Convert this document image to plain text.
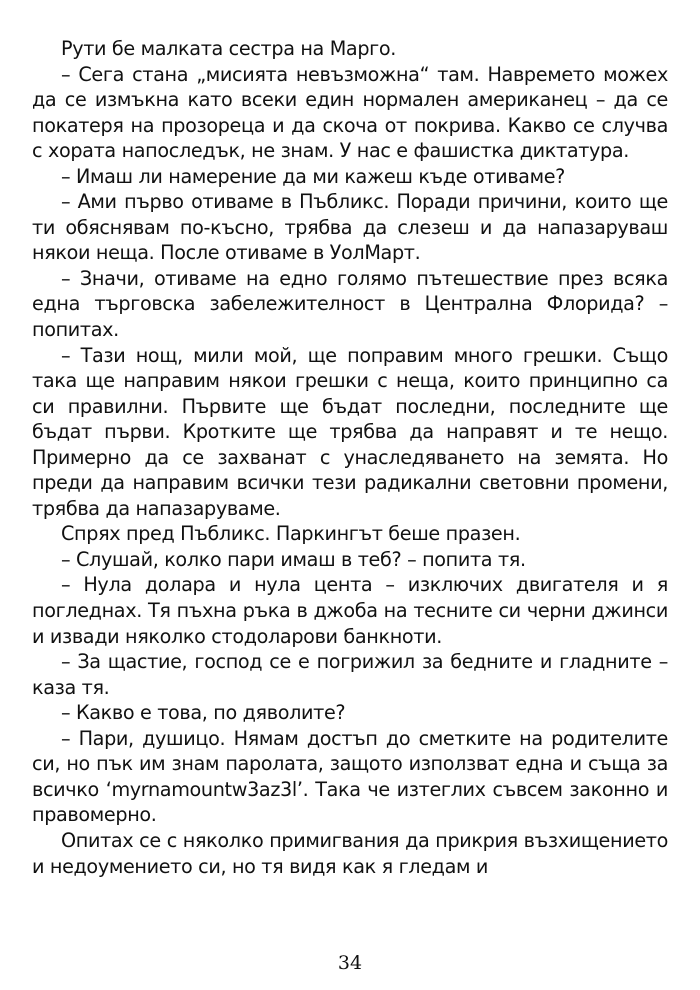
Рути бе малката сестра на Марго.

– Сега стана „мисията невъзможна“ там. Навремето можех да се измъкна като всеки един нормален американец – да се покатеря на прозореца и да скоча от покрива. Какво се случва с хората напоследък, не знам. У нас е фашистка диктатура.

– Имаш ли намерение да ми кажеш къде отиваме?

– Ами първо отиваме в Пъбликс. Поради причини, които ще ти обяснявам по-късно, трябва да слезеш и да напазаруваш някои неща. После отиваме в УолМарт.

– Значи, отиваме на едно голямо пътешествие през всяка една търговска забележителност в Централна Флорида? – попитах.

– Тази нощ, мили мой, ще поправим много грешки. Също така ще направим някои грешки с неща, които принципно са си правилни. Първите ще бъдат последни, последните ще бъдат първи. Кротките ще трябва да направят и те нещо. Примерно да се захванат с унаследяването на земята. Но преди да направим всички тези радикални световни промени, трябва да напазаруваме.

Спрях пред Пъбликс. Паркингът беше празен.

– Слушай, колко пари имаш в теб? – попита тя.

– Нула долара и нула цента – изключих двигателя и я погледнах. Тя пъхна ръка в джоба на тесните си черни джинси и извади няколко стодоларови банкноти.

– За щастие, господ се е погрижил за бедните и гладните – каза тя.

– Какво е това, по дяволите?

– Пари, душицо. Нямам достъп до сметките на родителите си, но пък им знам паролата, защото използват една и съща за всичко ‘myrnamountw3az3l’. Така че изтеглих съвсем законно и правомерно.

Опитах се с няколко примигвания да прикрия възхищението и недоумението си, но тя видя как я гледам и

34
